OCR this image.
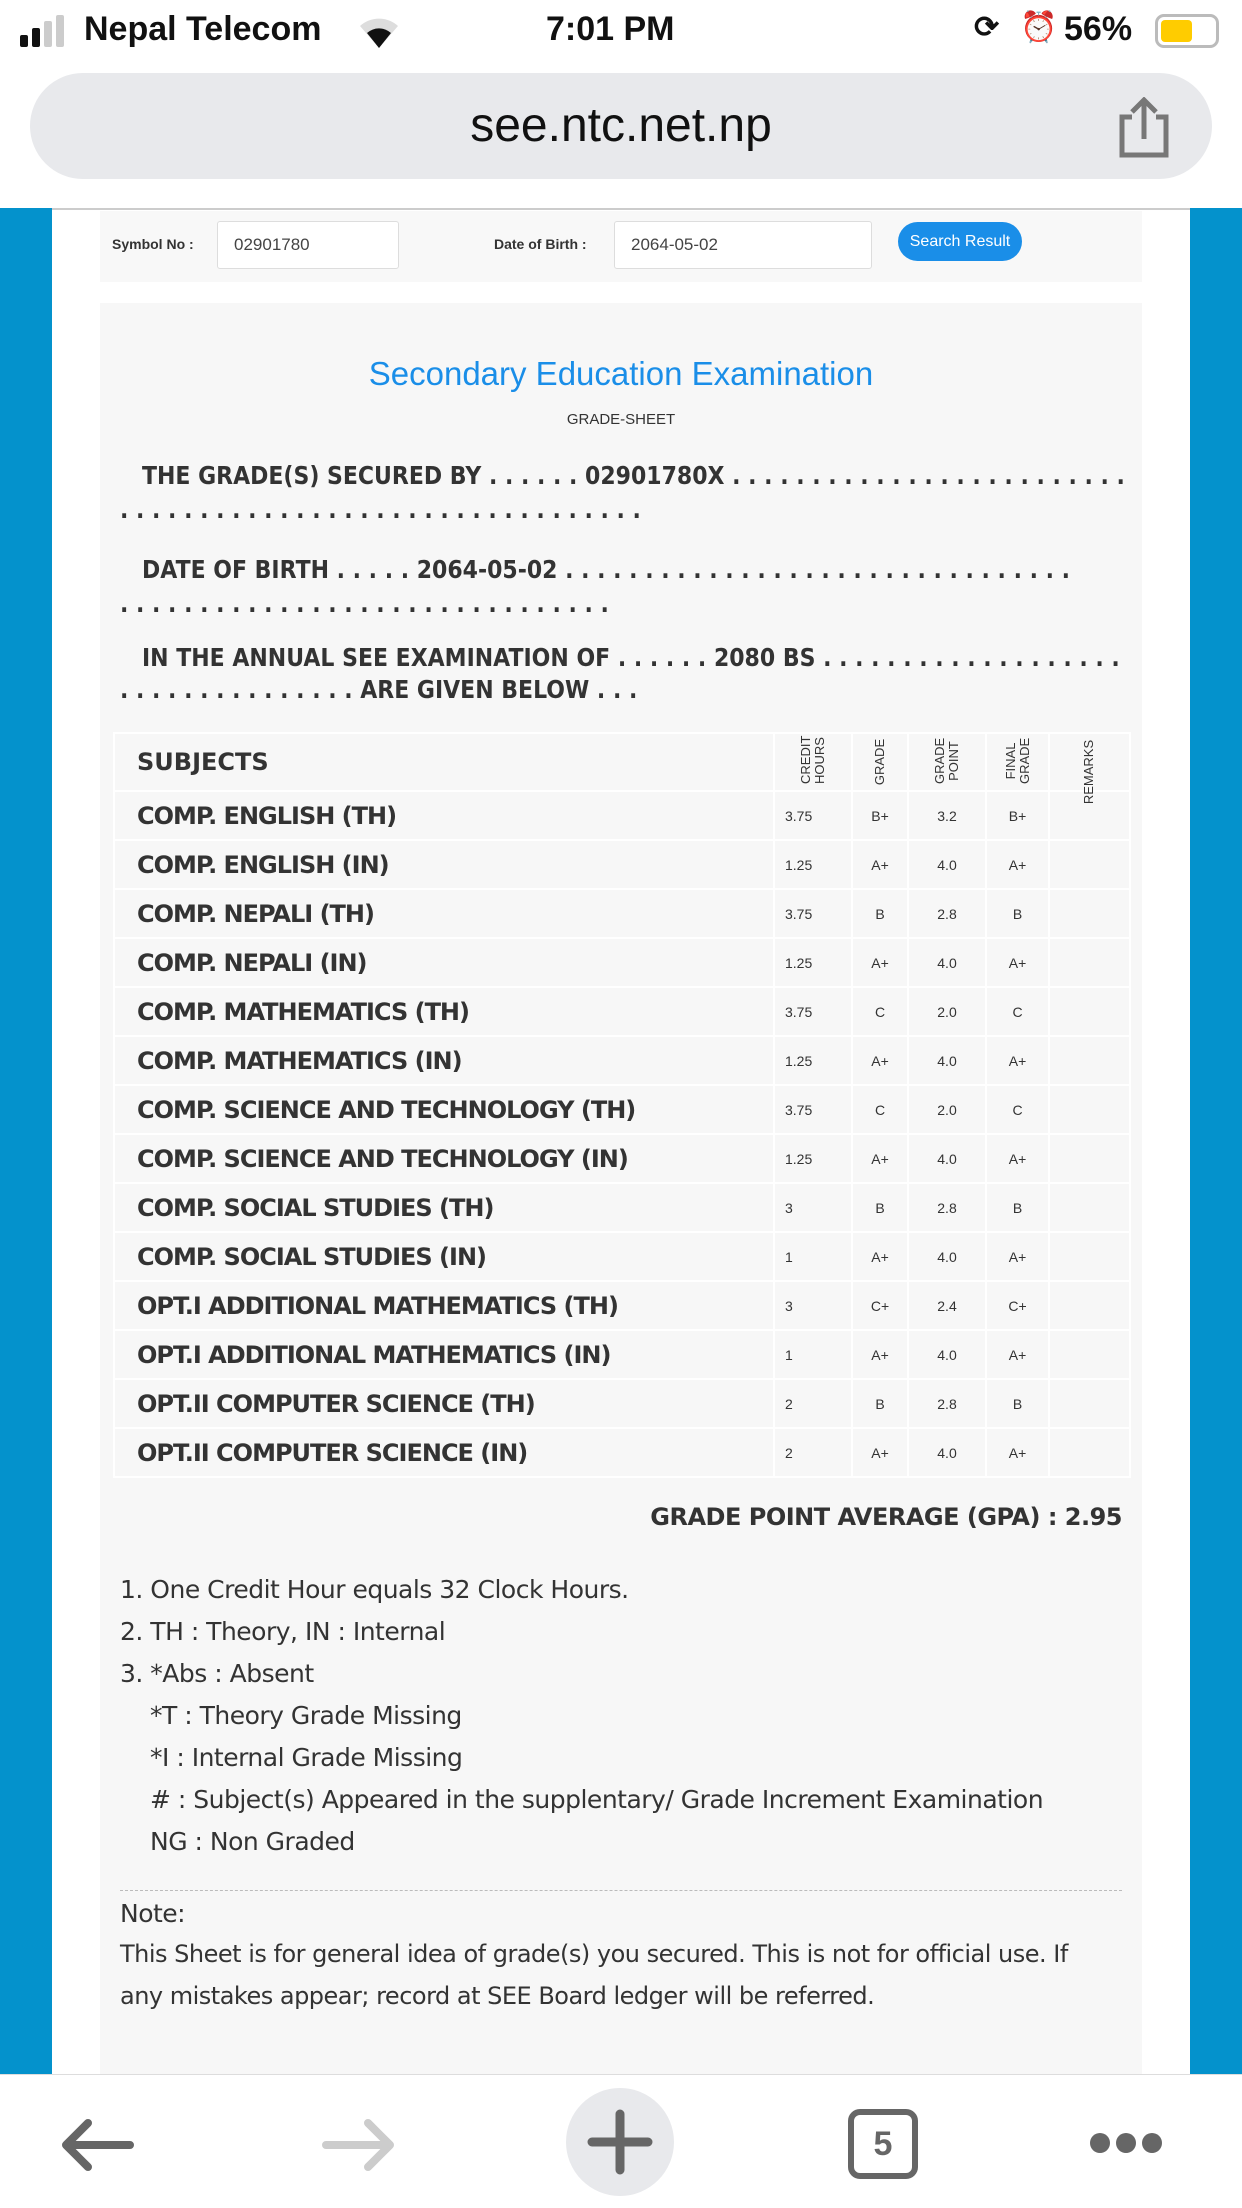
Nepal Telecom	7:01 PM	⟳ ⏰ 56%
see.ntc.net.np
Symbol No :	02901780	Date of Birth :	2064-05-02	Search Result
Secondary Education Examination
GRADE-SHEET
THE GRADE(S) SECURED BY . . . . . . 02901780X . . . . . . . . . . . . . . . . . . . . . . . . .
. . . . . . . . . . . . . . . . . . . . . . . . . . . . . . . . .
DATE OF BIRTH . . . . . 2064-05-02 . . . . . . . . . . . . . . . . . . . . . . . . . . . . . . . .
. . . . . . . . . . . . . . . . . . . . . . . . . . . . . . .
IN THE ANNUAL SEE EXAMINATION OF . . . . . . 2080 BS . . . . . . . . . . . . . . . . . . .
. . . . . . . . . . . . . . . ARE GIVEN BELOW . . .
SUBJECTS	CREDIT HOURS	GRADE	GRADE POINT	FINAL GRADE	REMARKS
COMP. ENGLISH (TH)	3.75	B+	3.2	B+	
COMP. ENGLISH (IN)	1.25	A+	4.0	A+	
COMP. NEPALI (TH)	3.75	B	2.8	B	
COMP. NEPALI (IN)	1.25	A+	4.0	A+	
COMP. MATHEMATICS (TH)	3.75	C	2.0	C	
COMP. MATHEMATICS (IN)	1.25	A+	4.0	A+	
COMP. SCIENCE AND TECHNOLOGY (TH)	3.75	C	2.0	C	
COMP. SCIENCE AND TECHNOLOGY (IN)	1.25	A+	4.0	A+	
COMP. SOCIAL STUDIES (TH)	3	B	2.8	B	
COMP. SOCIAL STUDIES (IN)	1	A+	4.0	A+	
OPT.I ADDITIONAL MATHEMATICS (TH)	3	C+	2.4	C+	
OPT.I ADDITIONAL MATHEMATICS (IN)	1	A+	4.0	A+	
OPT.II COMPUTER SCIENCE (TH)	2	B	2.8	B	
OPT.II COMPUTER SCIENCE (IN)	2	A+	4.0	A+	
GRADE POINT AVERAGE (GPA) : 2.95
1. One Credit Hour equals 32 Clock Hours.
2. TH : Theory, IN : Internal
3. *Abs : Absent
*T : Theory Grade Missing
*I : Internal Grade Missing
# : Subject(s) Appeared in the supplentary/ Grade Increment Examination
NG : Non Graded
Note:
This Sheet is for general idea of grade(s) you secured. This is not for official use. If
any mistakes appear; record at SEE Board ledger will be referred.
5
